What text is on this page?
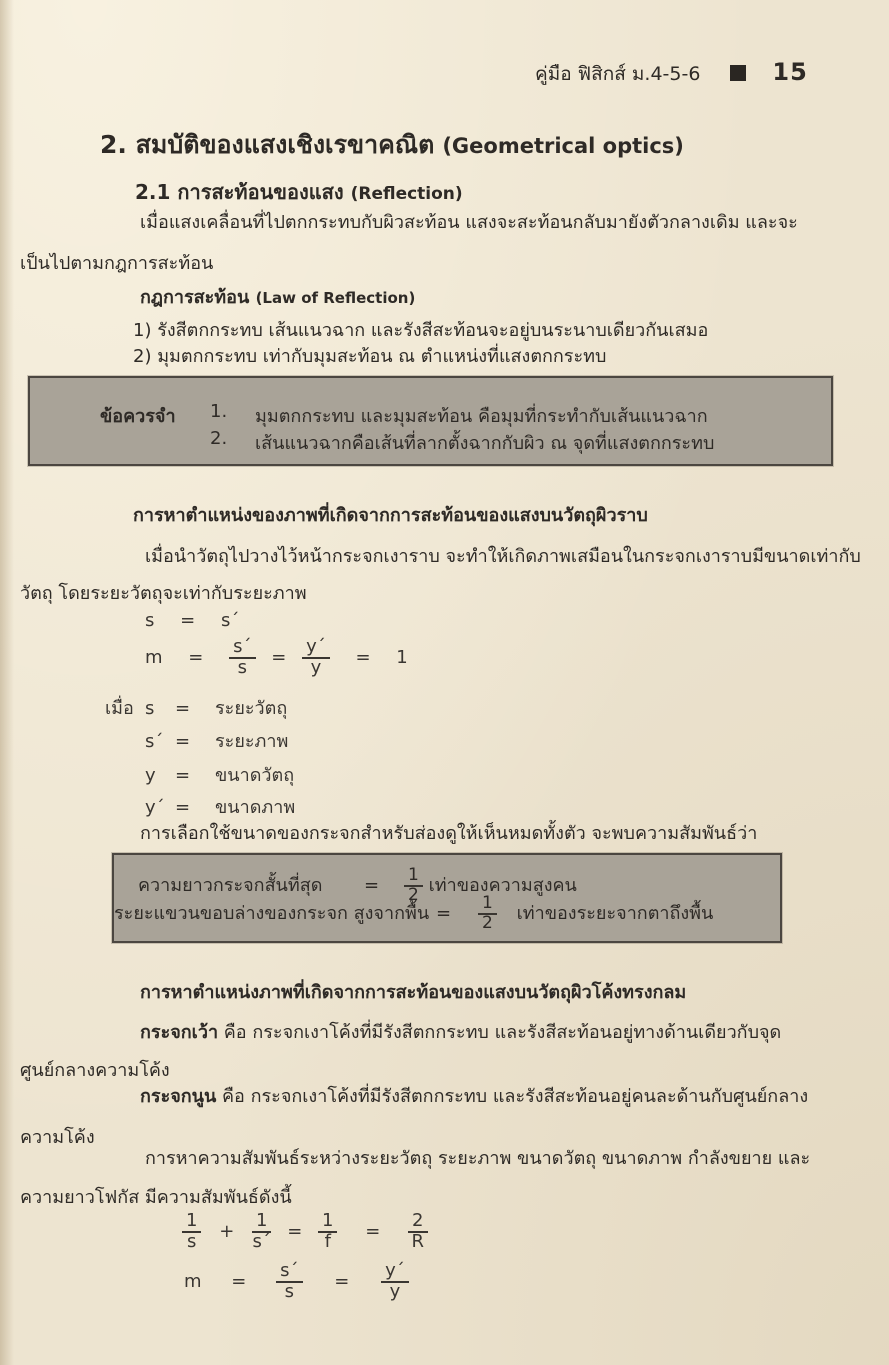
คู่มือ ฟิสิกส์ ม.4-5-6	15
2. สมบัติของแสงเชิงเรขาคณิต (Geometrical optics)
2.1 การสะท้อนของแสง (Reflection)
เมื่อแสงเคลื่อนที่ไปตกกระทบกับผิวสะท้อน แสงจะสะท้อนกลับมายังตัวกลางเดิม และจะ
เป็นไปตามกฎการสะท้อน
กฎการสะท้อน (Law of Reflection)
1) รังสีตกกระทบ เส้นแนวฉาก และรังสีสะท้อนจะอยู่บนระนาบเดียวกันเสมอ
2) มุมตกกระทบ เท่ากับมุมสะท้อน ณ ตำแหน่งที่แสงตกกระทบ
ข้อควรจำ 1. มุมตกกระทบ และมุมสะท้อน คือมุมที่กระทำกับเส้นแนวฉาก
2. เส้นแนวฉากคือเส้นที่ลากตั้งฉากกับผิว ณ จุดที่แสงตกกระทบ
การหาตำแหน่งของภาพที่เกิดจากการสะท้อนของแสงบนวัตถุผิวราบ
เมื่อนำวัตถุไปวางไว้หน้ากระจกเงาราบ จะทำให้เกิดภาพเสมือนในกระจกเงาราบมีขนาดเท่ากับ
วัตถุ โดยระยะวัตถุจะเท่ากับระยะภาพ
s = s´
$m = \frac{s´}{s} = \frac{y´}{y} = 1$
เมื่อ s = ระยะวัตถุ
s´ = ระยะภาพ
y = ขนาดวัตถุ
y´ = ขนาดภาพ
การเลือกใช้ขนาดของกระจกสำหรับส่องดูให้เห็นหมดทั้งตัว จะพบความสัมพันธ์ว่า
ความยาวกระจกสั้นที่สุด = $\frac{1}{2}$ เท่าของความสูงคน
ระยะแขวนขอบล่างของกระจก สูงจากพื้น = $\frac{1}{2}$ เท่าของระยะจากตาถึงพื้น
การหาตำแหน่งภาพที่เกิดจากการสะท้อนของแสงบนวัตถุผิวโค้งทรงกลม
กระจกเว้า คือ กระจกเงาโค้งที่มีรังสีตกกระทบ และรังสีสะท้อนอยู่ทางด้านเดียวกับจุด
ศูนย์กลางความโค้ง
กระจกนูน คือ กระจกเงาโค้งที่มีรังสีตกกระทบ และรังสีสะท้อนอยู่คนละด้านกับศูนย์กลาง
ความโค้ง
การหาความสัมพันธ์ระหว่างระยะวัตถุ ระยะภาพ ขนาดวัตถุ ขนาดภาพ กำลังขยาย และ
ความยาวโฟกัส มีความสัมพันธ์ดังนี้
$\frac{1}{s} + \frac{1}{s´} = \frac{1}{f} = \frac{2}{R}$
$m = \frac{s´}{s} = \frac{y´}{y}$
